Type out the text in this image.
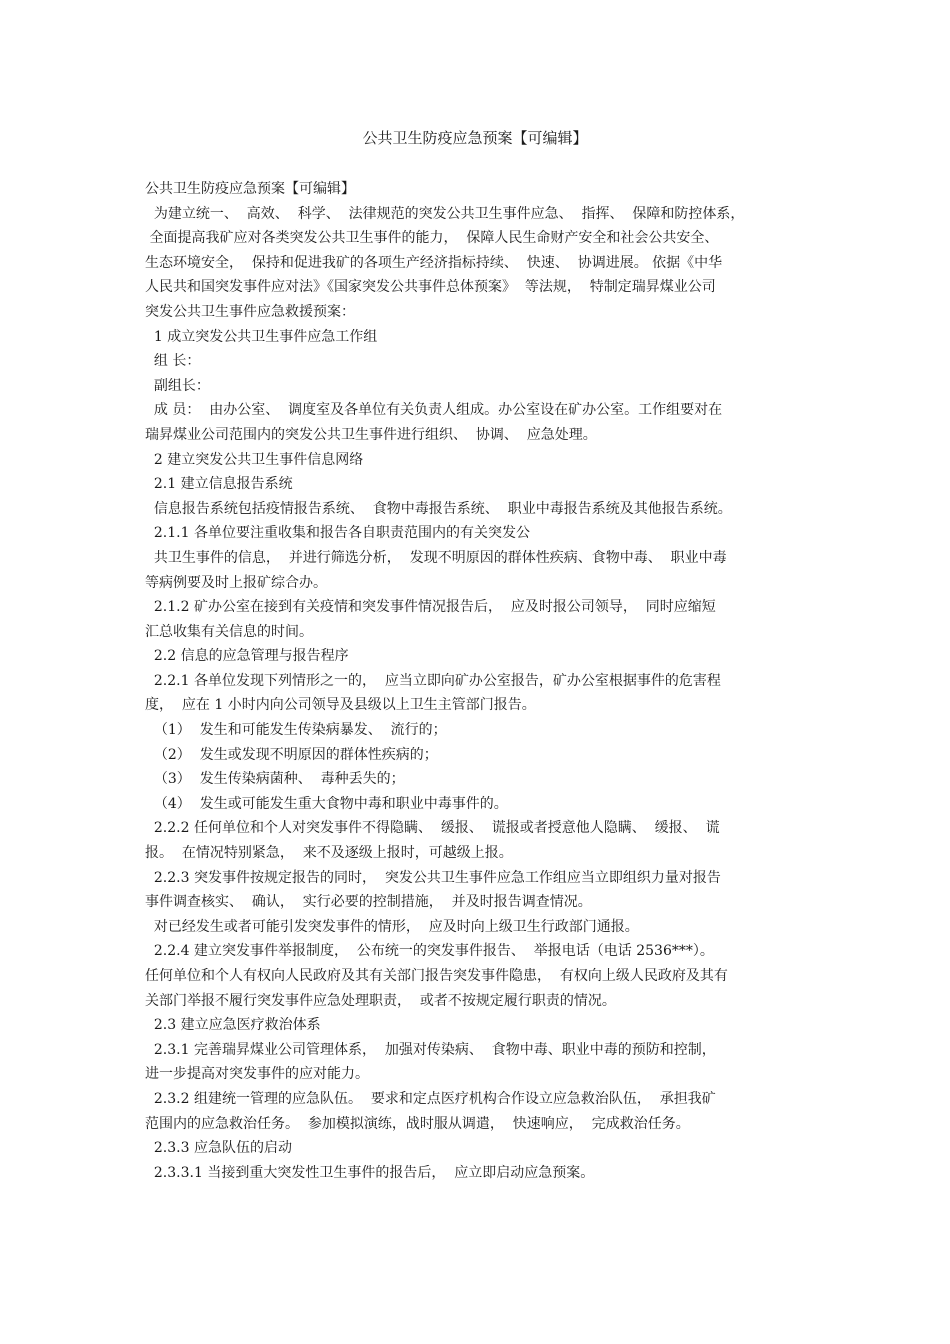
公共卫生防疫应急预案【可编辑】
公共卫生防疫应急预案【可编辑】
为建立统一、  高效、  科学、  法律规范的突发公共卫生事件应急、  指挥、  保障和防控体系，
全面提高我矿应对各类突发公共卫生事件的能力，  保障人民生命财产安全和社会公共安全、
生态环境安全，  保持和促进我矿的各项生产经济指标持续、  快速、  协调进展。 依据《中华
人民共和国突发事件应对法》《国家突发公共事件总体预案》  等法规，  特制定瑞昇煤业公司
突发公共卫生事件应急救援预案：
1 成立突发公共卫生事件应急工作组
组 长：
副组长：
成 员：  由办公室、  调度室及各单位有关负责人组成。办公室设在矿办公室。工作组要对在
瑞昇煤业公司范围内的突发公共卫生事件进行组织、  协调、  应急处理。
2 建立突发公共卫生事件信息网络
2.1 建立信息报告系统
信息报告系统包括疫情报告系统、  食物中毒报告系统、  职业中毒报告系统及其他报告系统。
2.1.1 各单位要注重收集和报告各自职责范围内的有关突发公
共卫生事件的信息，  并进行筛选分析，  发现不明原因的群体性疾病、食物中毒、  职业中毒
等病例要及时上报矿综合办。
2.1.2 矿办公室在接到有关疫情和突发事件情况报告后，  应及时报公司领导，  同时应缩短
汇总收集有关信息的时间。
2.2 信息的应急管理与报告程序
2.2.1 各单位发现下列情形之一的，  应当立即向矿办公室报告，矿办公室根据事件的危害程
度，  应在 1 小时内向公司领导及县级以上卫生主管部门报告。
（1）  发生和可能发生传染病暴发、  流行的；
（2）  发生或发现不明原因的群体性疾病的；
（3）  发生传染病菌种、  毒种丢失的；
（4）  发生或可能发生重大食物中毒和职业中毒事件的。
2.2.2 任何单位和个人对突发事件不得隐瞒、  缓报、  谎报或者授意他人隐瞒、  缓报、  谎
报。  在情况特别紧急，  来不及逐级上报时，可越级上报。
2.2.3 突发事件按规定报告的同时，  突发公共卫生事件应急工作组应当立即组织力量对报告
事件调查核实、  确认，  实行必要的控制措施，  并及时报告调查情况。
对已经发生或者可能引发突发事件的情形，  应及时向上级卫生行政部门通报。
2.2.4 建立突发事件举报制度，  公布统一的突发事件报告、  举报电话（电话 2536***）。
任何单位和个人有权向人民政府及其有关部门报告突发事件隐患，  有权向上级人民政府及其有
关部门举报不履行突发事件应急处理职责，  或者不按规定履行职责的情况。
2.3 建立应急医疗救治体系
2.3.1 完善瑞昇煤业公司管理体系，  加强对传染病、  食物中毒、职业中毒的预防和控制，
进一步提高对突发事件的应对能力。
2.3.2 组建统一管理的应急队伍。  要求和定点医疗机构合作设立应急救治队伍，  承担我矿
范围内的应急救治任务。  参加模拟演练，战时服从调遣，  快速响应，  完成救治任务。
2.3.3 应急队伍的启动
2.3.3.1 当接到重大突发性卫生事件的报告后，  应立即启动应急预案。
